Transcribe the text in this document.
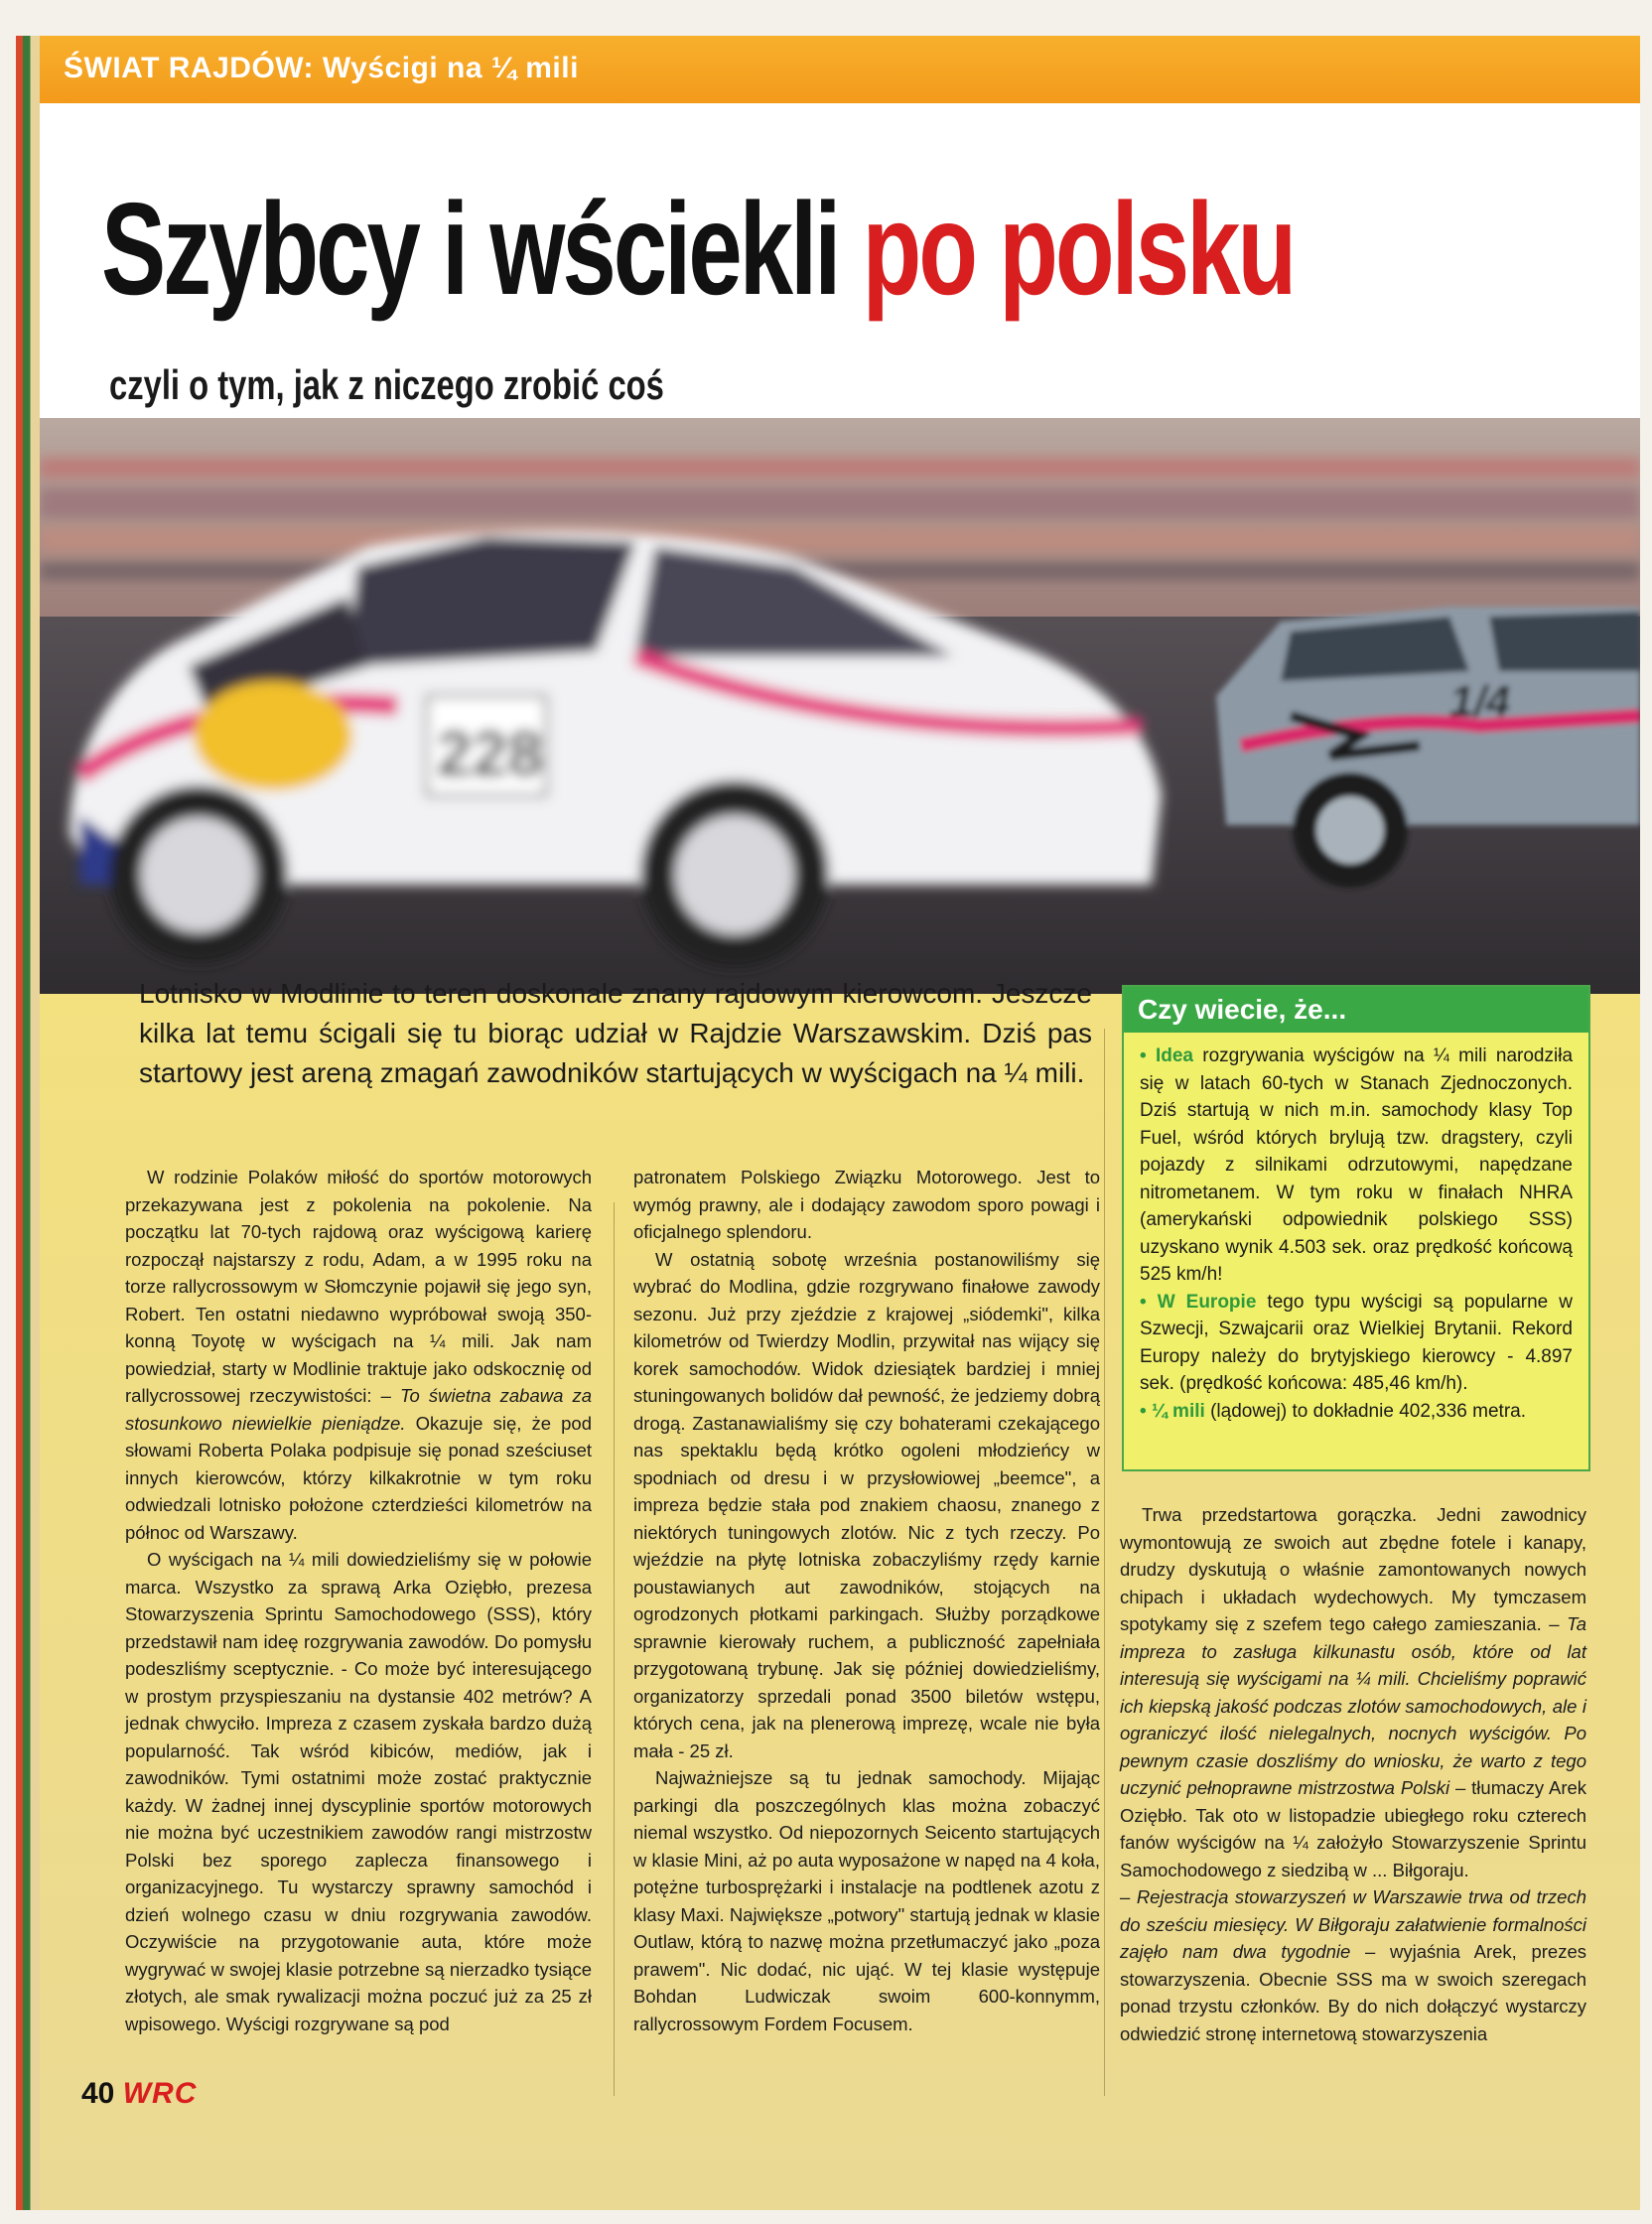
ŚWIAT RAJDÓW: Wyścigi na ¼ mili
Szybcy i wściekli po polsku
czyli o tym, jak z niczego zrobić coś
1/4
228
Lotnisko w Modlinie to teren doskonale znany rajdowym kierowcom. Jeszcze kilka lat temu ścigali się tu biorąc udział w Rajdzie Warszawskim. Dziś pas startowy jest areną zmagań zawodników startujących w wyścigach na ¼ mili.

W rodzinie Polaków miłość do sportów motorowych przekazywana jest z pokolenia na pokolenie. Na początku lat 70-tych rajdową oraz wyścigową karierę rozpoczął najstarszy z rodu, Adam, a w 1995 roku na torze rallycrossowym w Słomczynie pojawił się jego syn, Robert. Ten ostatni niedawno wypróbował swoją 350-konną Toyotę w wyścigach na ¼ mili. Jak nam powiedział, starty w Modlinie traktuje jako odskocznię od rallycrossowej rzeczywistości: – To świetna zabawa za stosunkowo niewielkie pieniądze. Okazuje się, że pod słowami Roberta Polaka podpisuje się ponad sześciuset innych kierowców, którzy kilkakrotnie w tym roku odwiedzali lotnisko położone czterdzieści kilometrów na północ od Warszawy.

O wyścigach na ¼ mili dowiedzieliśmy się w połowie marca. Wszystko za sprawą Arka Oziębło, prezesa Stowarzyszenia Sprintu Samochodowego (SSS), który przedstawił nam ideę rozgrywania zawodów. Do pomysłu podeszliśmy sceptycznie. - Co może być interesującego w prostym przyspieszaniu na dystansie 402 metrów? A jednak chwyciło. Impreza z czasem zyskała bardzo dużą popularność. Tak wśród kibiców, mediów, jak i zawodników. Tymi ostatnimi może zostać praktycznie każdy. W żadnej innej dyscyplinie sportów motorowych nie można być uczestnikiem zawodów rangi mistrzostw Polski bez sporego zaplecza finansowego i organizacyjnego. Tu wystarczy sprawny samochód i dzień wolnego czasu w dniu rozgrywania zawodów. Oczywiście na przygotowanie auta, które może wygrywać w swojej klasie potrzebne są nierzadko tysiące złotych, ale smak rywalizacji można poczuć już za 25 zł wpisowego. Wyścigi rozgrywane są pod

patronatem Polskiego Związku Motorowego. Jest to wymóg prawny, ale i dodający zawodom sporo powagi i oficjalnego splendoru.

W ostatnią sobotę września postanowiliśmy się wybrać do Modlina, gdzie rozgrywano finałowe zawody sezonu. Już przy zjeździe z krajowej „siódemki", kilka kilometrów od Twierdzy Modlin, przywitał nas wijący się korek samochodów. Widok dziesiątek bardziej i mniej stuningowanych bolidów dał pewność, że jedziemy dobrą drogą. Zastanawialiśmy się czy bohaterami czekającego nas spektaklu będą krótko ogoleni młodzieńcy w spodniach od dresu i w przysłowiowej „beemce", a impreza będzie stała pod znakiem chaosu, znanego z niektórych tuningowych zlotów. Nic z tych rzeczy. Po wjeździe na płytę lotniska zobaczyliśmy rzędy karnie poustawianych aut zawodników, stojących na ogrodzonych płotkami parkingach. Służby porządkowe sprawnie kierowały ruchem, a publiczność zapełniała przygotowaną trybunę. Jak się później dowiedzieliśmy, organizatorzy sprzedali ponad 3500 biletów wstępu, których cena, jak na plenerową imprezę, wcale nie była mała - 25 zł.

Najważniejsze są tu jednak samochody. Mijając parkingi dla poszczególnych klas można zobaczyć niemal wszystko. Od niepozornych Seicento startujących w klasie Mini, aż po auta wyposażone w napęd na 4 koła, potężne turbosprężarki i instalacje na podtlenek azotu z klasy Maxi. Największe „potwory" startują jednak w klasie Outlaw, którą to nazwę można przetłumaczyć jako „poza prawem". Nic dodać, nic ująć. W tej klasie występuje Bohdan Ludwiczak swoim 600-konnymm, rallycrossowym Fordem Focusem.

Czy wiecie, że...

• Idea rozgrywania wyścigów na ¼ mili narodziła się w latach 60-tych w Stanach Zjednoczonych. Dziś startują w nich m.in. samochody klasy Top Fuel, wśród których brylują tzw. dragstery, czyli pojazdy z silnikami odrzutowymi, napędzane nitrometanem. W tym roku w finałach NHRA (amerykański odpowiednik polskiego SSS) uzyskano wynik 4.503 sek. oraz prędkość końcową 525 km/h!

• W Europie tego typu wyścigi są popularne w Szwecji, Szwajcarii oraz Wielkiej Brytanii. Rekord Europy należy do brytyjskiego kierowcy - 4.897 sek. (prędkość końcowa: 485,46 km/h).

• ¼ mili (lądowej) to dokładnie 402,336 metra.

Trwa przedstartowa gorączka. Jedni zawodnicy wymontowują ze swoich aut zbędne fotele i kanapy, drudzy dyskutują o właśnie zamontowanych nowych chipach i układach wydechowych. My tymczasem spotykamy się z szefem tego całego zamieszania. – Ta impreza to zasługa kilkunastu osób, które od lat interesują się wyścigami na ¼ mili. Chcieliśmy poprawić ich kiepską jakość podczas zlotów samochodowych, ale i ograniczyć ilość nielegalnych, nocnych wyścigów. Po pewnym czasie doszliśmy do wniosku, że warto z tego uczynić pełnoprawne mistrzostwa Polski – tłumaczy Arek Oziębło. Tak oto w listopadzie ubiegłego roku czterech fanów wyścigów na ¼ założyło Stowarzyszenie Sprintu Samochodowego z siedzibą w ... Biłgoraju.

– Rejestracja stowarzyszeń w Warszawie trwa od trzech do sześciu miesięcy. W Biłgoraju załatwienie formalności zajęło nam dwa tygodnie – wyjaśnia Arek, prezes stowarzyszenia. Obecnie SSS ma w swoich szeregach ponad trzystu członków. By do nich dołączyć wystarczy odwiedzić stronę internetową stowarzyszenia

40 WRC
